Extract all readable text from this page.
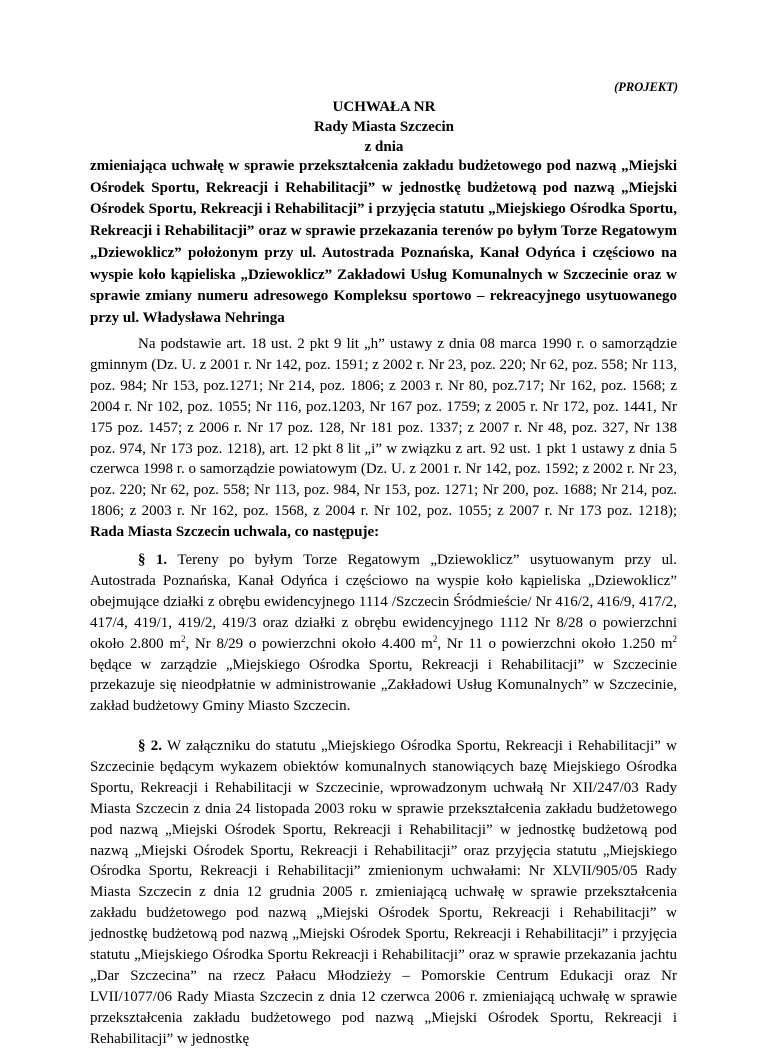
(PROJEKT)
UCHWAŁA NR
Rady Miasta Szczecin
z dnia
zmieniająca uchwałę w sprawie przekształcenia zakładu budżetowego pod nazwą „Miejski Ośrodek Sportu, Rekreacji i Rehabilitacji” w jednostkę budżetową pod nazwą „Miejski Ośrodek Sportu, Rekreacji i Rehabilitacji” i przyjęcia statutu „Miejskiego Ośrodka Sportu, Rekreacji i Rehabilitacji” oraz w sprawie przekazania terenów po byłym Torze Regatowym „Dziewoklicz” położonym przy ul. Autostrada Poznańska, Kanał Odyńca i częściowo na wyspie koło kąpieliska „Dziewoklicz” Zakładowi Usług Komunalnych w Szczecinie oraz w sprawie zmiany numeru adresowego Kompleksu sportowo – rekreacyjnego usytuowanego przy ul. Władysława Nehringa
Na podstawie art. 18 ust. 2 pkt 9 lit „h” ustawy z dnia 08 marca 1990 r. o samorządzie gminnym (Dz. U. z 2001 r. Nr 142, poz. 1591; z 2002 r. Nr 23, poz. 220; Nr 62, poz. 558; Nr 113, poz. 984; Nr 153, poz.1271; Nr 214, poz. 1806; z 2003 r. Nr 80, poz.717; Nr 162, poz. 1568; z 2004 r. Nr 102, poz. 1055; Nr 116, poz.1203, Nr 167 poz. 1759; z 2005 r. Nr 172, poz. 1441, Nr 175 poz. 1457; z 2006 r. Nr 17 poz. 128, Nr 181 poz. 1337; z 2007 r. Nr 48, poz. 327, Nr 138 poz. 974, Nr 173 poz. 1218), art. 12 pkt 8 lit „i” w związku z art. 92 ust. 1 pkt 1 ustawy z dnia 5 czerwca 1998 r. o samorządzie powiatowym (Dz. U. z 2001 r. Nr 142, poz. 1592; z 2002 r. Nr 23, poz. 220; Nr 62, poz. 558; Nr 113, poz. 984, Nr 153, poz. 1271; Nr 200, poz. 1688; Nr 214, poz. 1806; z 2003 r. Nr 162, poz. 1568, z 2004 r. Nr 102, poz. 1055; z 2007 r. Nr 173 poz. 1218); Rada Miasta Szczecin uchwala, co następuje:
§ 1. Tereny po byłym Torze Regatowym „Dziewoklicz” usytuowanym przy ul. Autostrada Poznańska, Kanał Odyńca i częściowo na wyspie koło kąpieliska „Dziewoklicz” obejmujące działki z obrębu ewidencyjnego 1114 /Szczecin Śródmieście/ Nr 416/2, 416/9, 417/2, 417/4, 419/1, 419/2, 419/3 oraz działki z obrębu ewidencyjnego 1112 Nr 8/28 o powierzchni około 2.800 $m^2$, Nr 8/29 o powierzchni około 4.400 $m^2$, Nr 11 o powierzchni około 1.250 $m^2$ będące w zarządzie „Miejskiego Ośrodka Sportu, Rekreacji i Rehabilitacji” w Szczecinie przekazuje się nieodpłatnie w administrowanie „Zakładowi Usług Komunalnych” w Szczecinie, zakład budżetowy Gminy Miasto Szczecin.
§ 2. W załączniku do statutu „Miejskiego Ośrodka Sportu, Rekreacji i Rehabilitacji” w Szczecinie będącym wykazem obiektów komunalnych stanowiących bazę Miejskiego Ośrodka Sportu, Rekreacji i Rehabilitacji w Szczecinie, wprowadzonym uchwałą Nr XII/247/03 Rady Miasta Szczecin z dnia 24 listopada 2003 roku w sprawie przekształcenia zakładu budżetowego pod nazwą „Miejski Ośrodek Sportu, Rekreacji i Rehabilitacji” w jednostkę budżetową pod nazwą „Miejski Ośrodek Sportu, Rekreacji i Rehabilitacji” oraz przyjęcia statutu „Miejskiego Ośrodka Sportu, Rekreacji i Rehabilitacji” zmienionym uchwałami: Nr XLVII/905/05 Rady Miasta Szczecin z dnia 12 grudnia 2005 r. zmieniającą uchwałę w sprawie przekształcenia zakładu budżetowego pod nazwą „Miejski Ośrodek Sportu, Rekreacji i Rehabilitacji” w jednostkę budżetową pod nazwą „Miejski Ośrodek Sportu, Rekreacji i Rehabilitacji” i przyjęcia statutu „Miejskiego Ośrodka Sportu Rekreacji i Rehabilitacji” oraz w sprawie przekazania jachtu „Dar Szczecina” na rzecz Pałacu Młodzieży – Pomorskie Centrum Edukacji oraz Nr LVII/1077/06 Rady Miasta Szczecin z dnia 12 czerwca 2006 r. zmieniającą uchwałę w sprawie przekształcenia zakładu budżetowego pod nazwą „Miejski Ośrodek Sportu, Rekreacji i Rehabilitacji” w jednostkę
